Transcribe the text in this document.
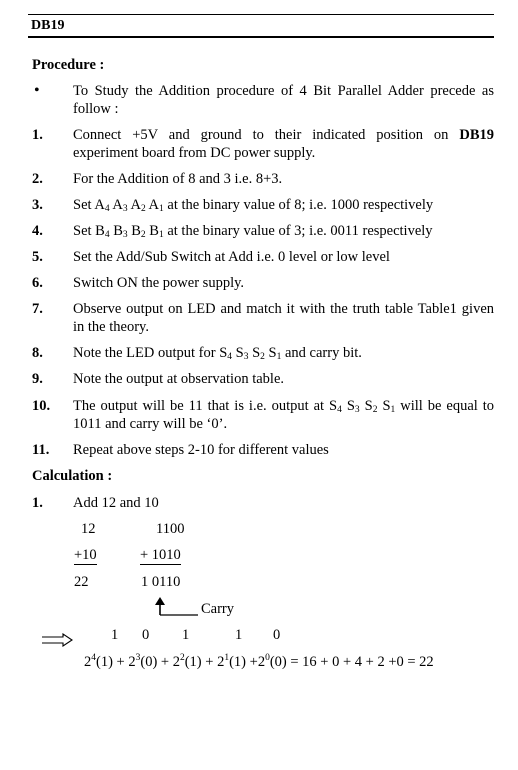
DB19
Procedure :
•	To Study the Addition procedure of 4 Bit Parallel Adder precede as follow :
1.	Connect +5V and ground to their indicated position on DB19 experiment board from DC power supply.
2.	For the Addition of 8 and 3 i.e. 8+3.
3.	Set $A_4$ $A_3$ $A_2$ $A_1$ at the binary value of 8; i.e. 1000 respectively
4.	Set $B_4$ $B_3$ $B_2$ $B_1$ at the binary value of 3; i.e. 0011 respectively
5.	Set the Add/Sub Switch at Add i.e. 0 level or low level
6.	Switch ON the power supply.
7.	Observe output on LED and match it with the truth table Table1 given in the theory.
8.	Note the LED output for $S_4$ $S_3$ $S_2$ $S_1$ and carry bit.
9.	Note the output at observation table.
10.	The output will be 11 that is i.e. output at $S_4$ $S_3$ $S_2$ $S_1$ will be equal to 1011 and carry will be ‘0’.
11.	Repeat above steps 2-10 for different values
Calculation :
1.	Add 12 and 10
12	1100
+10	+ 1010
22	1 0110
Carry
1 0 1	1 0
$2^4(1) + 2^3(0) + 2^2(1) + 2^1(1) +2^0(0) = 16 + 0 + 4 + 2 +0 = 22$
